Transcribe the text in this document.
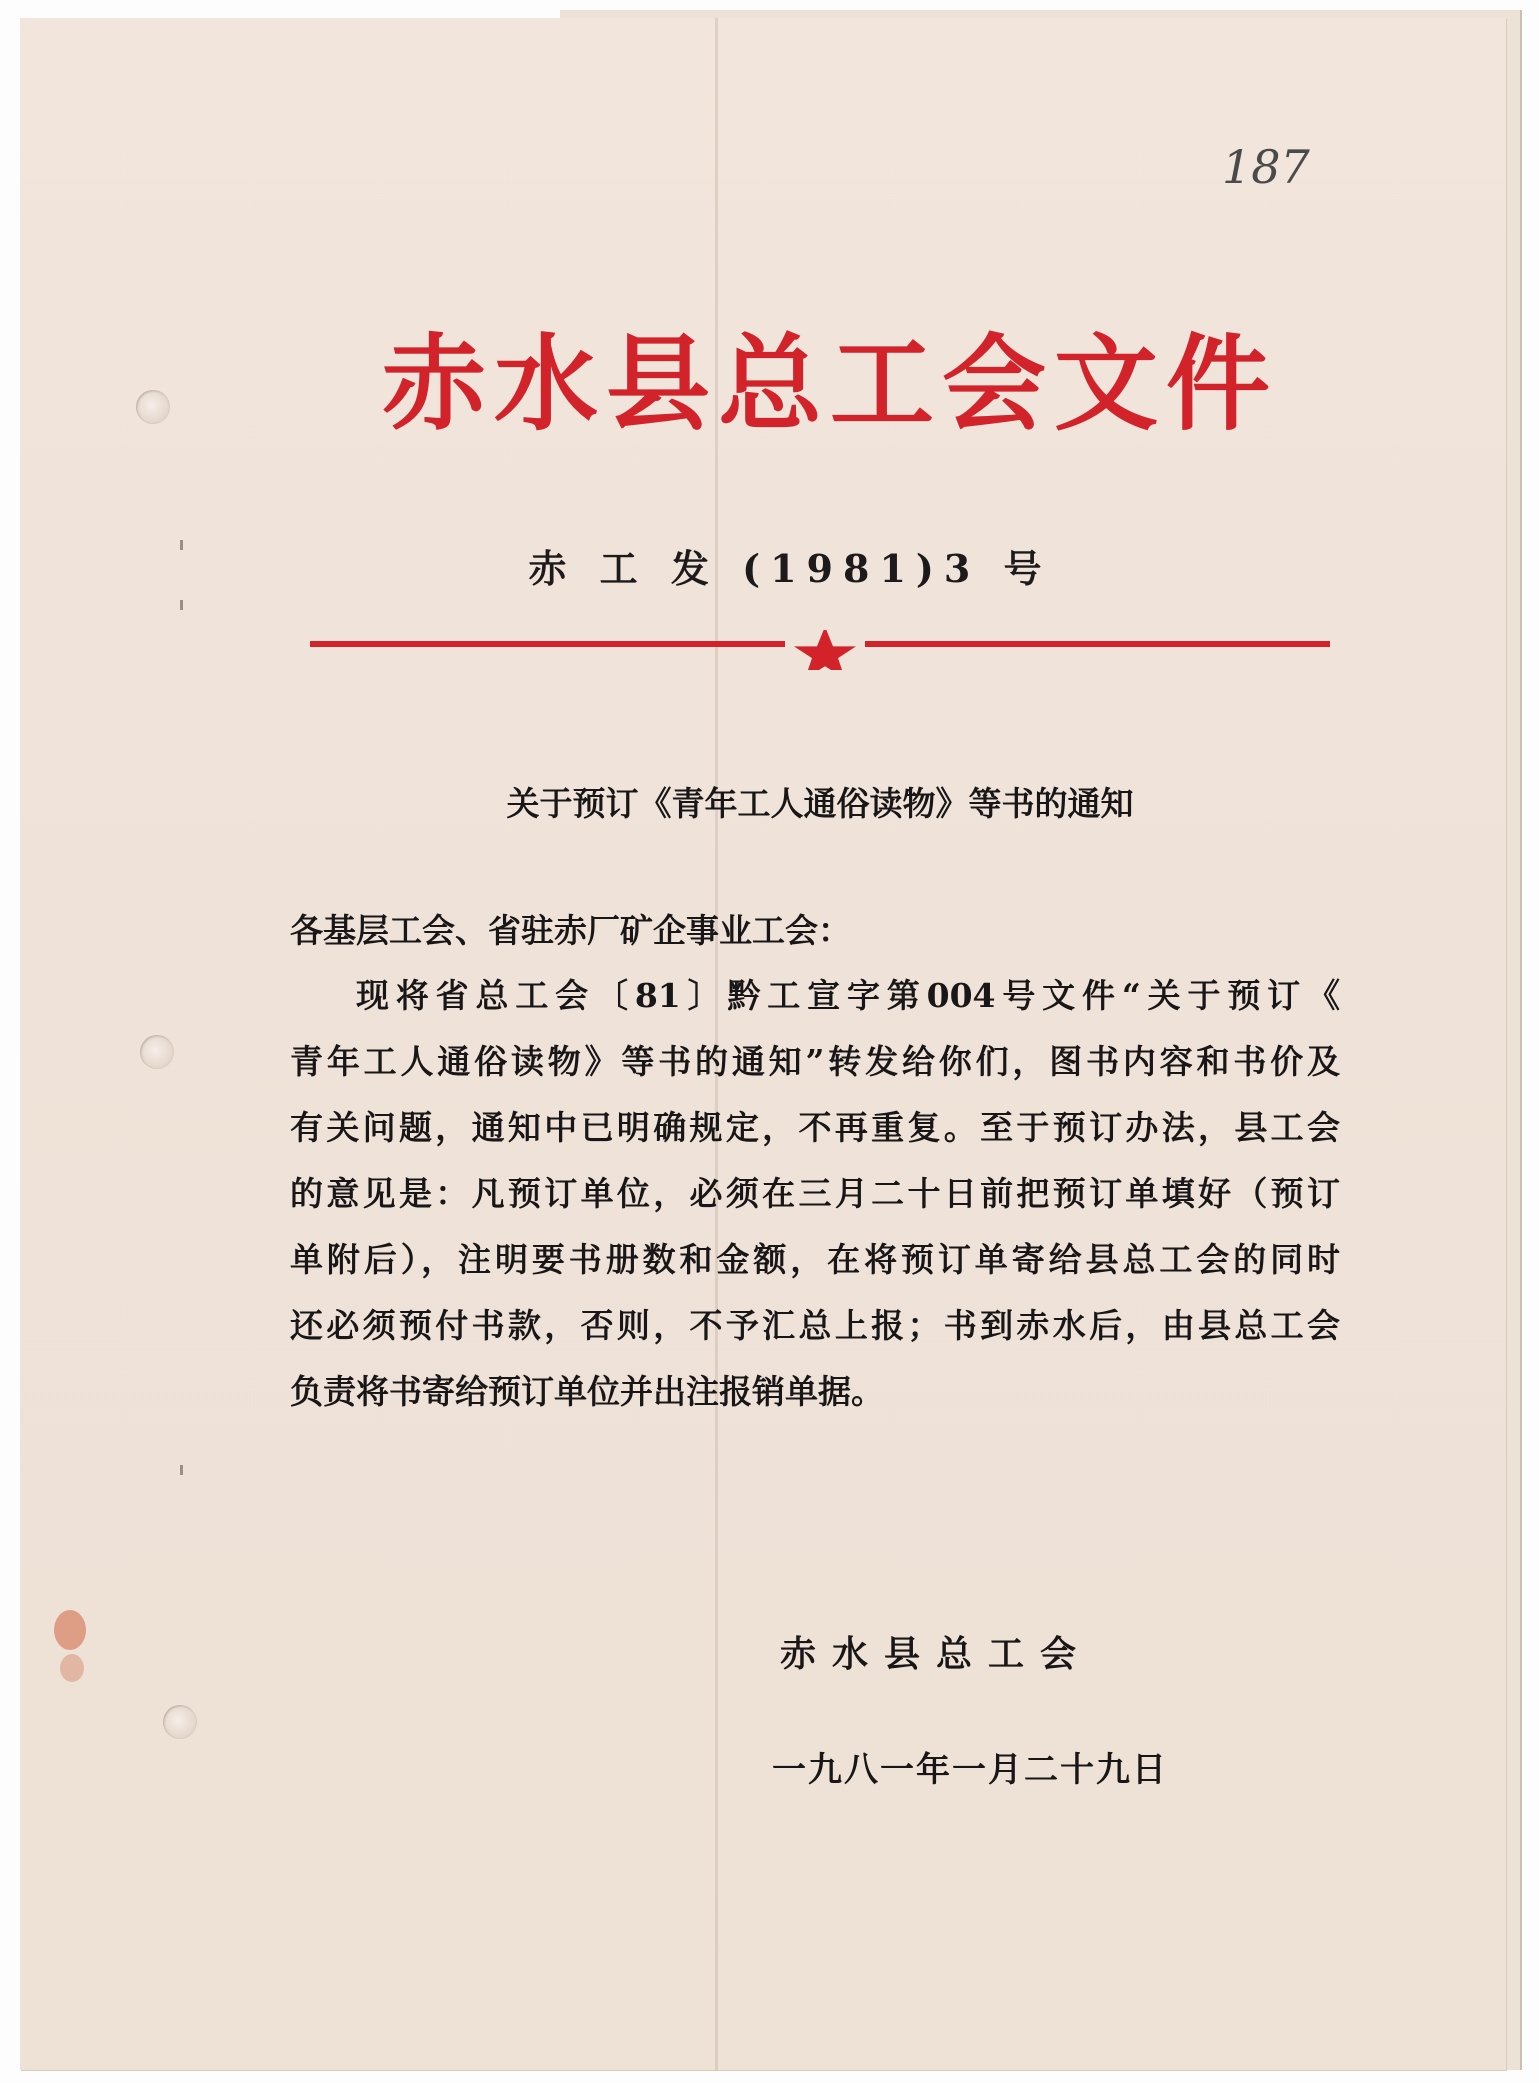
187
赤水县总工会文件
赤 工 发 (1981)3 号
关于预订《青年工人通俗读物》等书的通知
各基层工会、省驻赤厂矿企事业工会：
现将省总工会〔81〕黔工宣字第004号文件“关于预订《
青年工人通俗读物》等书的通知”转发给你们，图书内容和书价及
有关问题，通知中已明确规定，不再重复。至于预订办法，县工会
的意见是：凡预订单位，必须在三月二十日前把预订单填好（预订
单附后），注明要书册数和金额，在将预订单寄给县总工会的同时
还必须预付书款，否则，不予汇总上报；书到赤水后，由县总工会
负责将书寄给预订单位并出注报销单据。
赤水县总工会
一九八一年一月二十九日
